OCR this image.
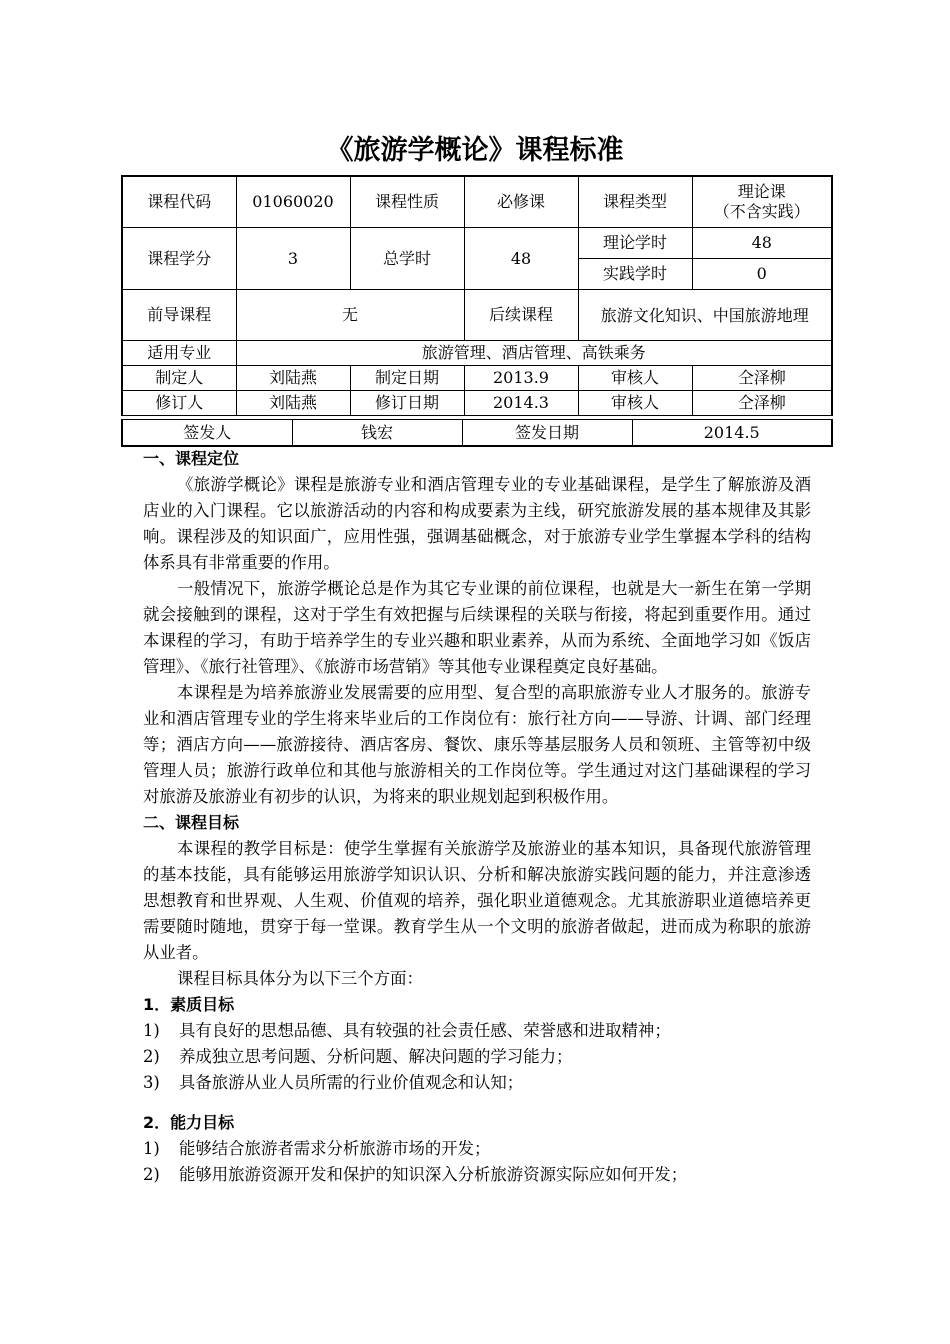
《旅游学概论》课程标准
课程代码	01060020	课程性质	必修课	课程类型	理论课
（不含实践）

课程学分	3	总学时	48	理论学时	48
				实践学时	0
前导课程	无		后续课程	旅游文化知识、中国旅游地理	
适用专业	旅游管理、酒店管理、高铁乘务				
制定人	刘陆燕	制定日期	2013.9	审核人	仝泽柳
修订人	刘陆燕	修订日期	2014.3	审核人	仝泽柳
签发人	钱宏	签发日期	2014.5
一、课程定位

《旅游学概论》课程是旅游专业和酒店管理专业的专业基础课程，是学生了解旅游及酒店业的入门课程。它以旅游活动的内容和构成要素为主线，研究旅游发展的基本规律及其影响。课程涉及的知识面广，应用性强，强调基础概念，对于旅游专业学生掌握本学科的结构体系具有非常重要的作用。

一般情况下，旅游学概论总是作为其它专业课的前位课程，也就是大一新生在第一学期就会接触到的课程，这对于学生有效把握与后续课程的关联与衔接，将起到重要作用。通过本课程的学习，有助于培养学生的专业兴趣和职业素养，从而为系统、全面地学习如《饭店管理》、《旅行社管理》、《旅游市场营销》等其他专业课程奠定良好基础。

本课程是为培养旅游业发展需要的应用型、复合型的高职旅游专业人才服务的。旅游专业和酒店管理专业的学生将来毕业后的工作岗位有：旅行社方向——导游、计调、部门经理等；酒店方向——旅游接待、酒店客房、餐饮、康乐等基层服务人员和领班、主管等初中级管理人员；旅游行政单位和其他与旅游相关的工作岗位等。学生通过对这门基础课程的学习对旅游及旅游业有初步的认识，为将来的职业规划起到积极作用。

二、课程目标

本课程的教学目标是：使学生掌握有关旅游学及旅游业的基本知识，具备现代旅游管理的基本技能，具有能够运用旅游学知识认识、分析和解决旅游实践问题的能力，并注意渗透思想教育和世界观、人生观、价值观的培养，强化职业道德观念。尤其旅游职业道德培养更需要随时随地，贯穿于每一堂课。教育学生从一个文明的旅游者做起，进而成为称职的旅游从业者。

课程目标具体分为以下三个方面：

1．素质目标
1)	具有良好的思想品德、具有较强的社会责任感、荣誉感和进取精神；
2)	养成独立思考问题、分析问题、解决问题的学习能力；
3)	具备旅游从业人员所需的行业价值观念和认知；
2．能力目标
1)	能够结合旅游者需求分析旅游市场的开发；
2)	能够用旅游资源开发和保护的知识深入分析旅游资源实际应如何开发；
